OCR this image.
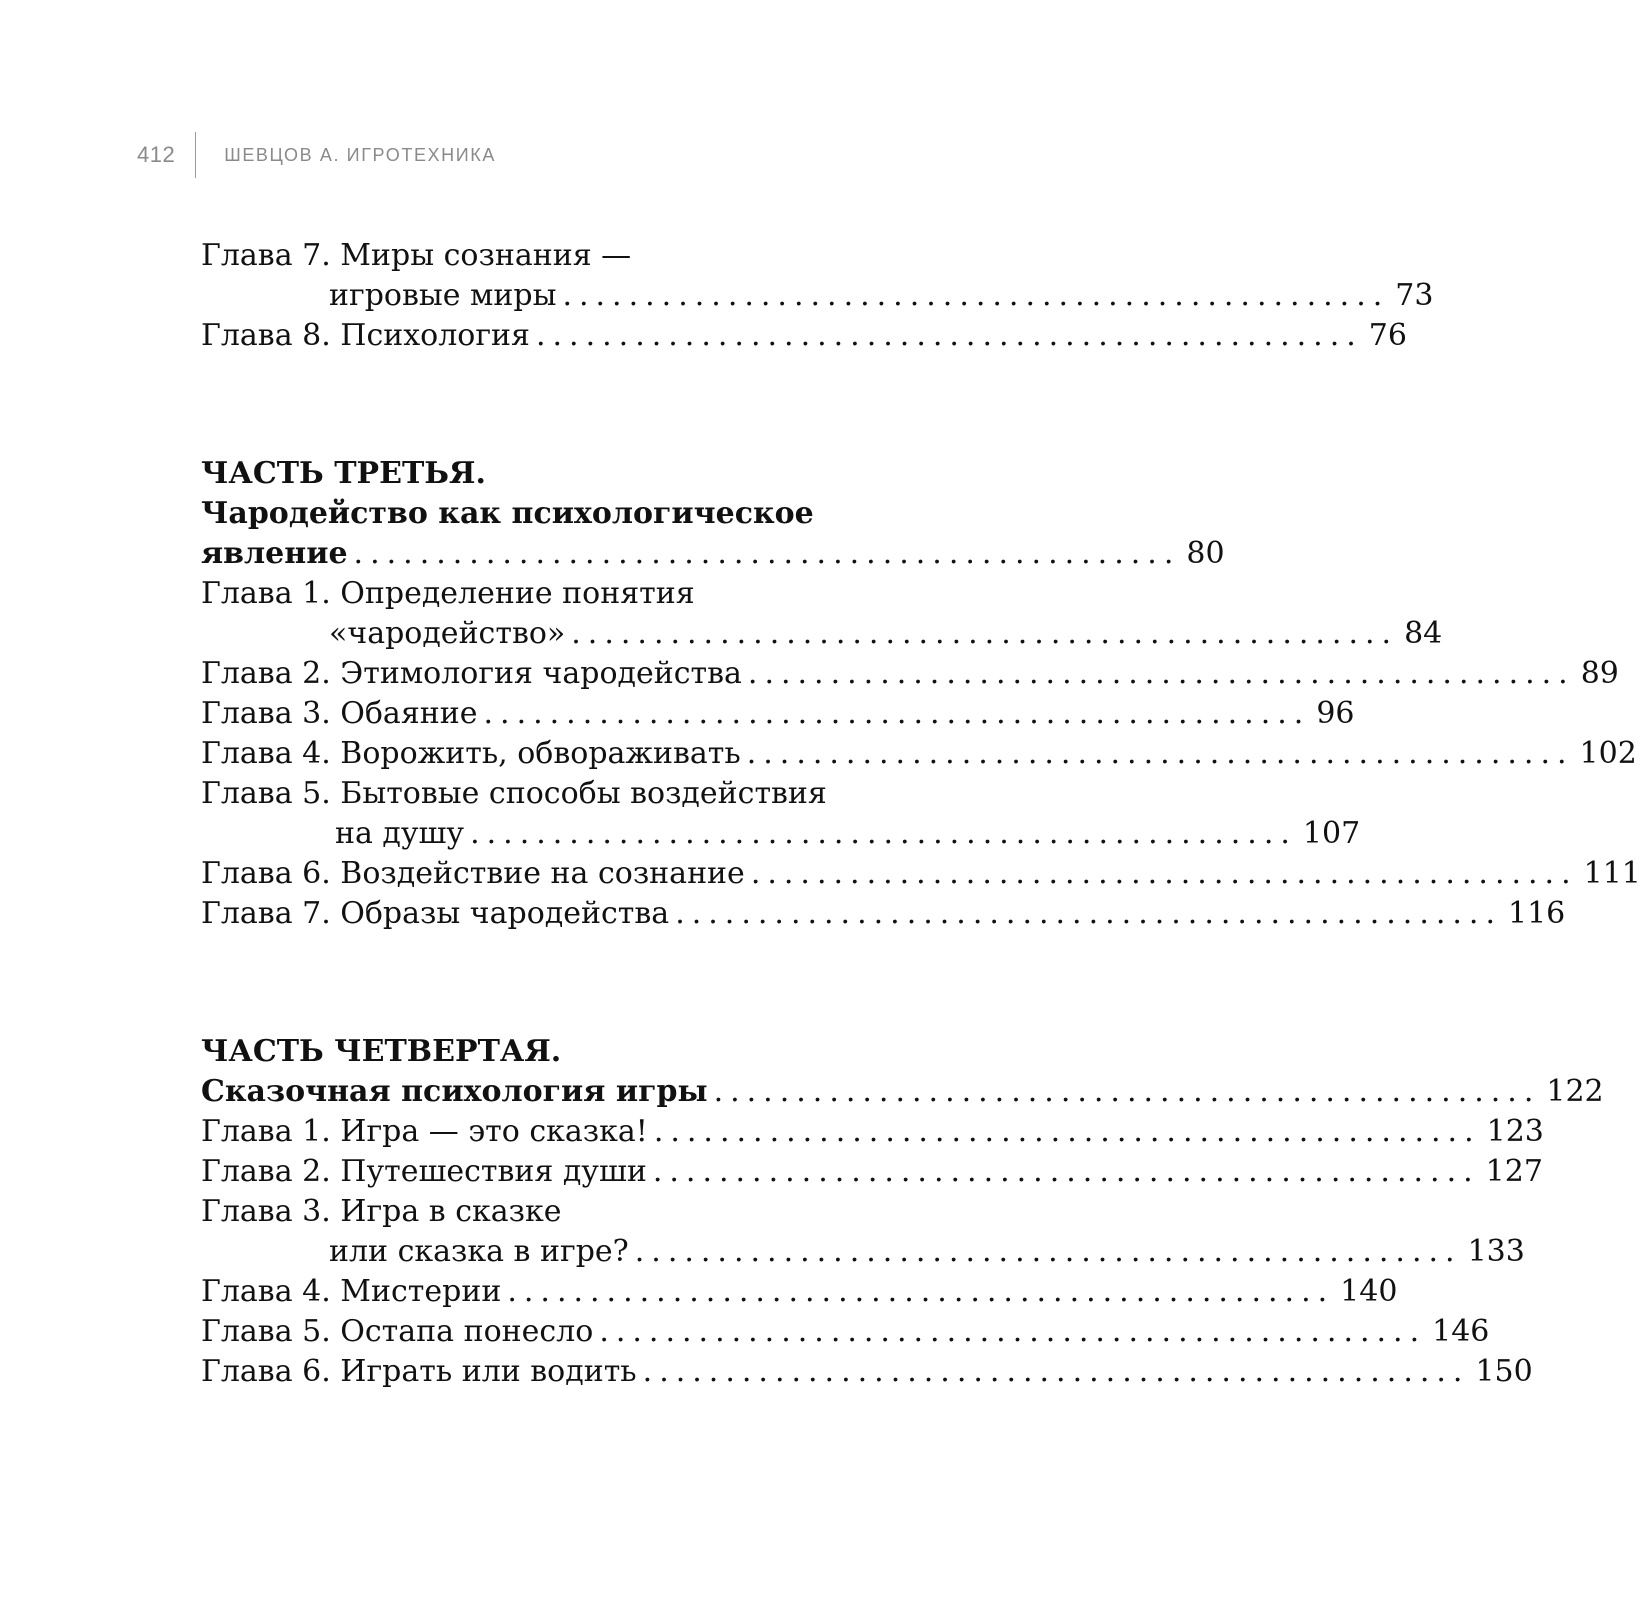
412	ШЕВЦОВ А. ИГРОТЕХНИКА
Глава 7. Миры сознания —
игровые миры .................................................. 73
Глава 8. Психология .................................................. 76
ЧАСТЬ ТРЕТЬЯ.
Чародейство как психологическое
явление .................................................. 80
Глава 1. Определение понятия
«чародейство» .................................................. 84
Глава 2. Этимология чародейства .................................................. 89
Глава 3. Обаяние .................................................. 96
Глава 4. Ворожить, обвораживать .................................................. 102
Глава 5. Бытовые способы воздействия
на душу .................................................. 107
Глава 6. Воздействие на сознание .................................................. 111
Глава 7. Образы чародейства .................................................. 116
ЧАСТЬ ЧЕТВЕРТАЯ.
Сказочная психология игры .................................................. 122
Глава 1. Игра — это сказка! .................................................. 123
Глава 2. Путешествия души .................................................. 127
Глава 3. Игра в сказке
или сказка в игре? .................................................. 133
Глава 4. Мистерии .................................................. 140
Глава 5. Остапа понесло .................................................. 146
Глава 6. Играть или водить .................................................. 150
